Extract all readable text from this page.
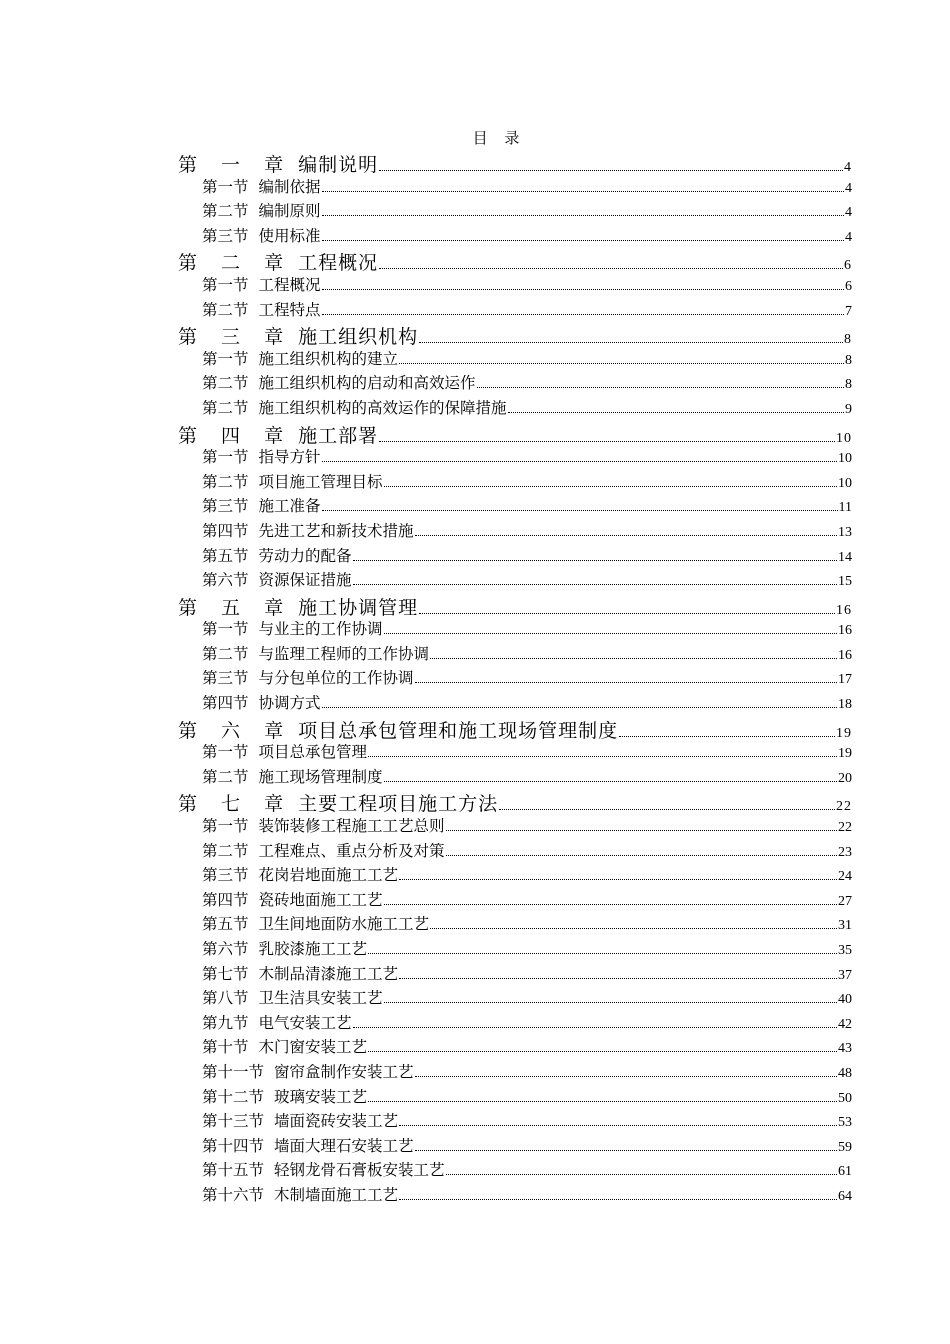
目 录
第 一 章 编制说明	4
第一节 编制依据	4
第二节 编制原则	4
第三节 使用标准	4
第 二 章 工程概况	6
第一节 工程概况	6
第二节 工程特点	7
第 三 章 施工组织机构	8
第一节 施工组织机构的建立	8
第二节 施工组织机构的启动和高效运作	8
第二节 施工组织机构的高效运作的保障措施	9
第 四 章 施工部署	10
第一节 指导方针	10
第二节 项目施工管理目标	10
第三节 施工准备	11
第四节 先进工艺和新技术措施	13
第五节 劳动力的配备	14
第六节 资源保证措施	15
第 五 章 施工协调管理	16
第一节 与业主的工作协调	16
第二节 与监理工程师的工作协调	16
第三节 与分包单位的工作协调	17
第四节 协调方式	18
第 六 章 项目总承包管理和施工现场管理制度	19
第一节 项目总承包管理	19
第二节 施工现场管理制度	20
第 七 章 主要工程项目施工方法	22
第一节 装饰装修工程施工工艺总则	22
第二节 工程难点、重点分析及对策	23
第三节 花岗岩地面施工工艺	24
第四节 瓷砖地面施工工艺	27
第五节 卫生间地面防水施工工艺	31
第六节 乳胶漆施工工艺	35
第七节 木制品清漆施工工艺	37
第八节 卫生洁具安装工艺	40
第九节 电气安装工艺	42
第十节 木门窗安装工艺	43
第十一节 窗帘盒制作安装工艺	48
第十二节 玻璃安装工艺	50
第十三节 墙面瓷砖安装工艺	53
第十四节 墙面大理石安装工艺	59
第十五节 轻钢龙骨石膏板安装工艺	61
第十六节 木制墙面施工工艺	64
